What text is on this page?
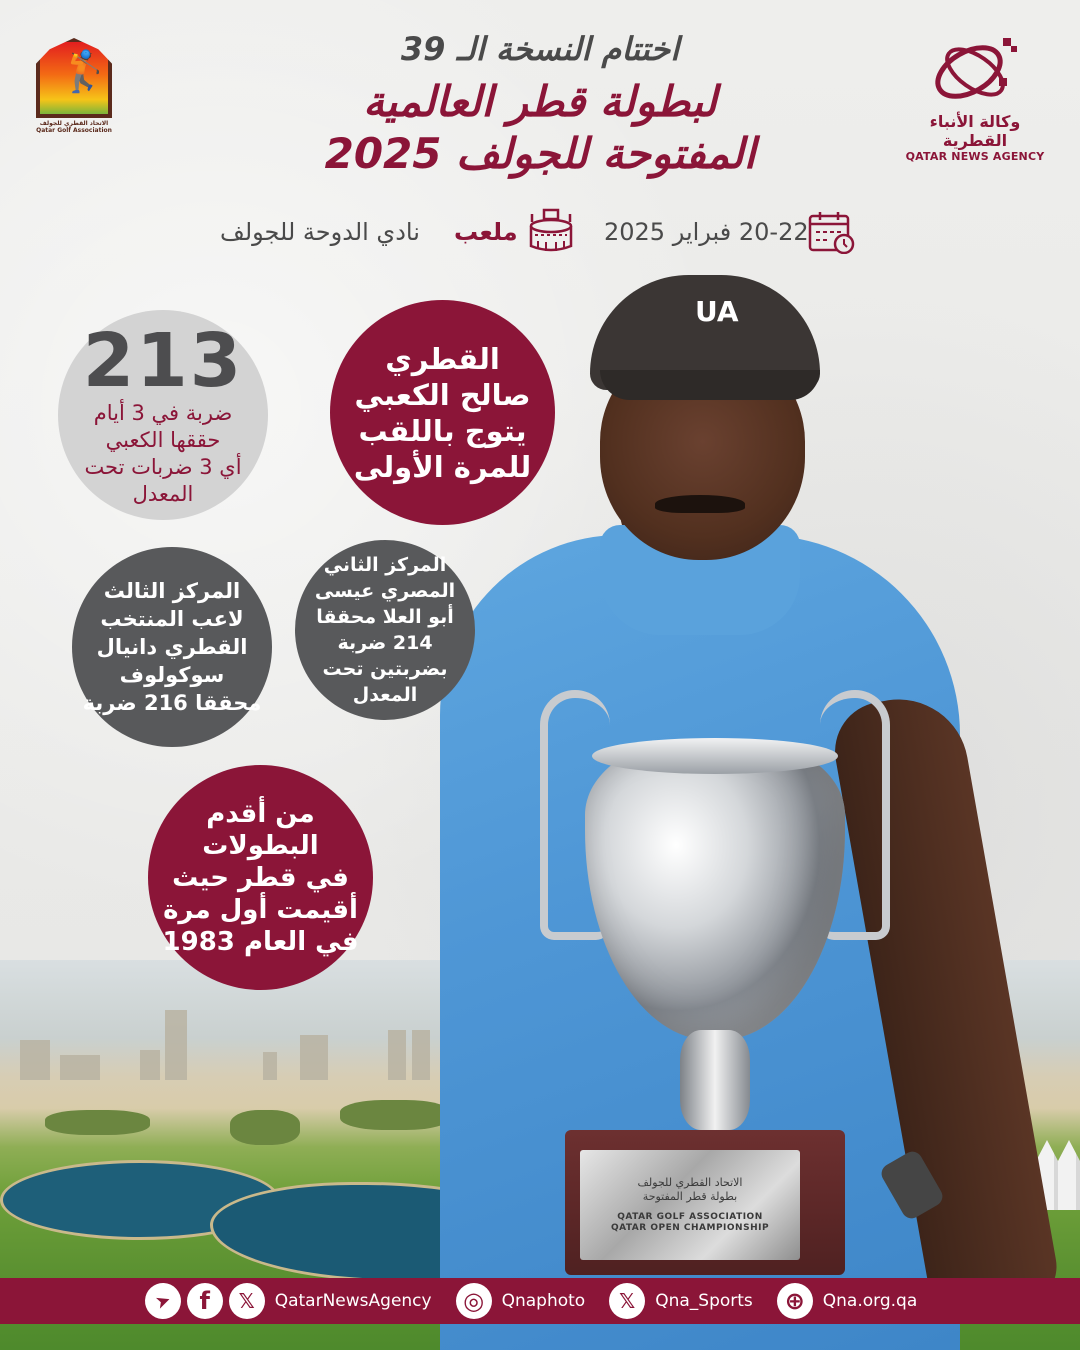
UA
الاتحاد القطري للجولف
بطولة قطر المفتوحة
QATAR GOLF ASSOCIATION
QATAR OPEN CHAMPIONSHIP
اختتام النسخة الـ 39
لبطولة قطر العالمية
المفتوحة للجولف 2025
وكالة الأنباء القطرية
QATAR NEWS AGENCY
🏌
الاتحاد القطري للجولف
Qatar Golf Association
20-22 فبراير 2025
ملعب
نادي الدوحة للجولف
القطري
صالح الكعبي
يتوج باللقب
للمرة الأولى
213
ضربة في 3 أيام
حققها الكعبي
أي 3 ضربات تحت
المعدل
المركز الثالث
لاعب المنتخب
القطري دانيال
سوكولوف
محققا 216 ضربة
المركز الثاني
المصري عيسى
أبو العلا محققا
214 ضربة
بضربتين تحت
المعدل
من أقدم
البطولات
في قطر حيث
أقيمت أول مرة
في العام 1983
➤	f	𝕏	QatarNewsAgency	◎	Qnaphoto	𝕏	Qna_Sports	⊕	Qna.org.qa
